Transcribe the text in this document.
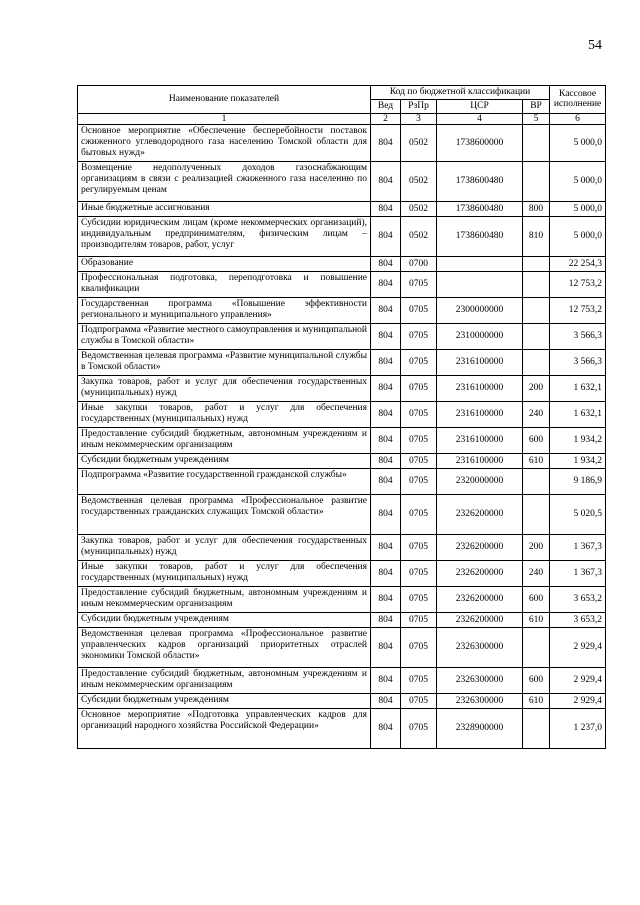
54
Наименование показателей	Код по бюджетной классификации				Кассовое исполнение
	Вед	РзПр	ЦСР	ВР	
1	2	3	4	5	6
Основное мероприятие «Обеспечение бесперебойности поставок сжиженного углеводородного газа населению Томской области для бытовых нужд»	804	0502	1738600000		5 000,0
Возмещение недополученных доходов газоснабжающим организациям в связи с реализацией сжиженного газа населению по регулируемым ценам	804	0502	1738600480		5 000,0
Иные бюджетные ассигнования	804	0502	1738600480	800	5 000,0
Субсидии юридическим лицам (кроме некоммерческих организаций), индивидуальным предпринимателям, физическим лицам – производителям товаров, работ, услуг	804	0502	1738600480	810	5 000,0
Образование	804	0700			22 254,3
Профессиональная подготовка, переподготовка и повышение квалификации	804	0705			12 753,2
Государственная программа «Повышение эффективности регионального и муниципального управления»	804	0705	2300000000		12 753,2
Подпрограмма «Развитие местного самоуправления и муниципальной службы в Томской области»	804	0705	2310000000		3 566,3
Ведомственная целевая программа «Развитие муниципальной службы в Томской области»	804	0705	2316100000		3 566,3
Закупка товаров, работ и услуг для обеспечения государственных (муниципальных) нужд	804	0705	2316100000	200	1 632,1
Иные закупки товаров, работ и услуг для обеспечения государственных (муниципальных) нужд	804	0705	2316100000	240	1 632,1
Предоставление субсидий бюджетным, автономным учреждениям и иным некоммерческим организациям	804	0705	2316100000	600	1 934,2
Субсидии бюджетным учреждениям	804	0705	2316100000	610	1 934,2
Подпрограмма «Развитие государственной гражданской службы»	804	0705	2320000000		9 186,9
Ведомственная целевая программа «Профессиональное развитие государственных гражданских служащих Томской области»	804	0705	2326200000		5 020,5
Закупка товаров, работ и услуг для обеспечения государственных (муниципальных) нужд	804	0705	2326200000	200	1 367,3
Иные закупки товаров, работ и услуг для обеспечения государственных (муниципальных) нужд	804	0705	2326200000	240	1 367,3
Предоставление субсидий бюджетным, автономным учреждениям и иным некоммерческим организациям	804	0705	2326200000	600	3 653,2
Субсидии бюджетным учреждениям	804	0705	2326200000	610	3 653,2
Ведомственная целевая программа «Профессиональное развитие управленческих кадров организаций приоритетных отраслей экономики Томской области»	804	0705	2326300000		2 929,4
Предоставление субсидий бюджетным, автономным учреждениям и иным некоммерческим организациям	804	0705	2326300000	600	2 929,4
Субсидии бюджетным учреждениям	804	0705	2326300000	610	2 929,4
Основное мероприятие «Подготовка управленческих кадров для организаций народного хозяйства Российской Федерации»	804	0705	2328900000		1 237,0
